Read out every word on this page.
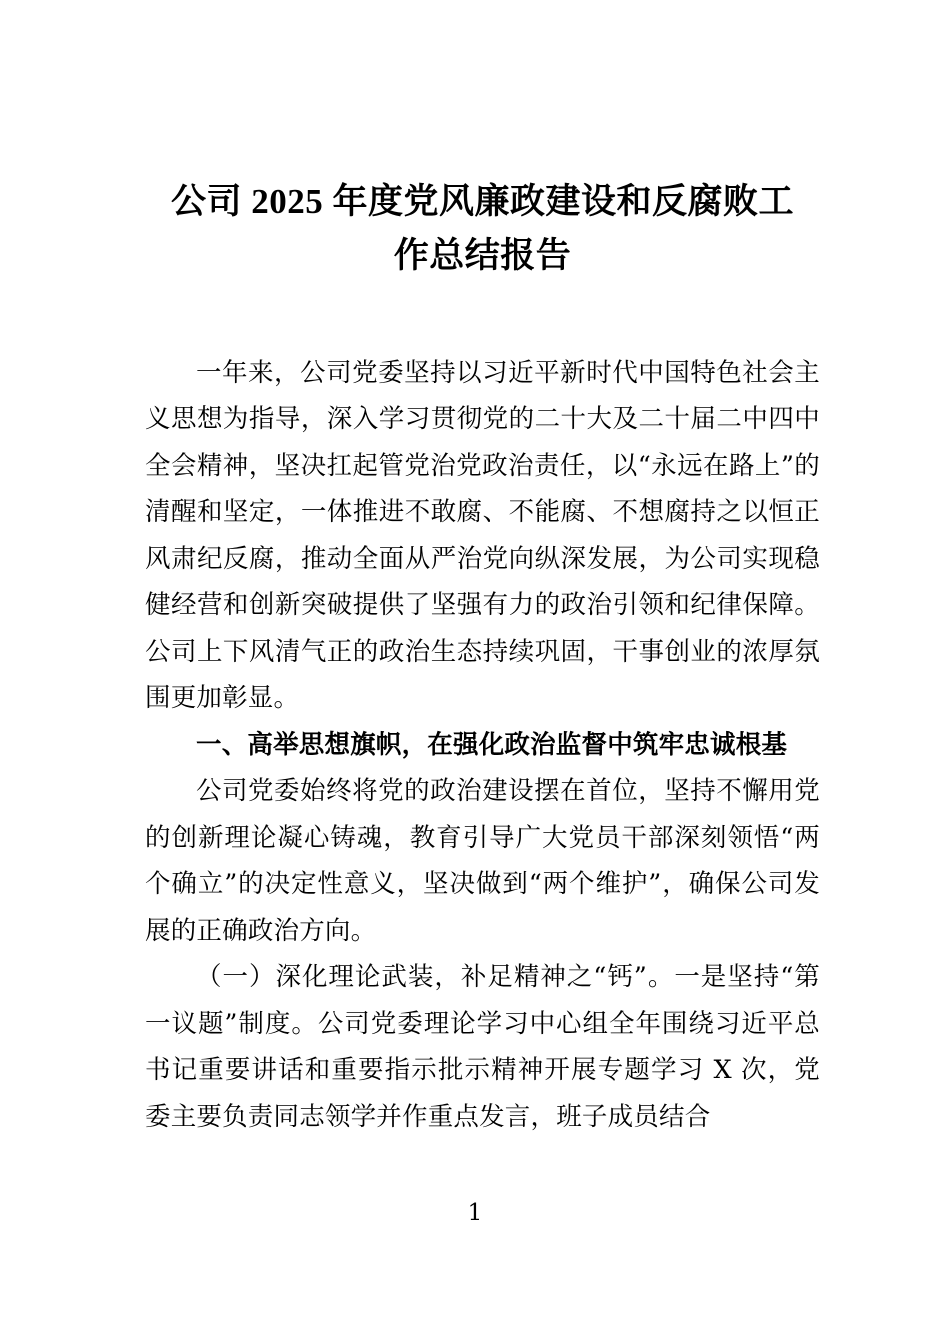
公司 2025 年度党风廉政建设和反腐败工作总结报告

一年来，公司党委坚持以习近平新时代中国特色社会主义思想为指导，深入学习贯彻党的二十大及二十届二中四中全会精神，坚决扛起管党治党政治责任，以“永远在路上”的清醒和坚定，一体推进不敢腐、不能腐、不想腐持之以恒正风肃纪反腐，推动全面从严治党向纵深发展，为公司实现稳健经营和创新突破提供了坚强有力的政治引领和纪律保障。公司上下风清气正的政治生态持续巩固，干事创业的浓厚氛围更加彰显。

一、高举思想旗帜，在强化政治监督中筑牢忠诚根基

公司党委始终将党的政治建设摆在首位，坚持不懈用党的创新理论凝心铸魂，教育引导广大党员干部深刻领悟“两个确立”的决定性意义，坚决做到“两个维护”，确保公司发展的正确政治方向。

（一）深化理论武装，补足精神之“钙”。一是坚持“第一议题”制度。公司党委理论学习中心组全年围绕习近平总书记重要讲话和重要指示批示精神开展专题学习 X 次，党委主要负责同志领学并作重点发言，班子成员结合

1
